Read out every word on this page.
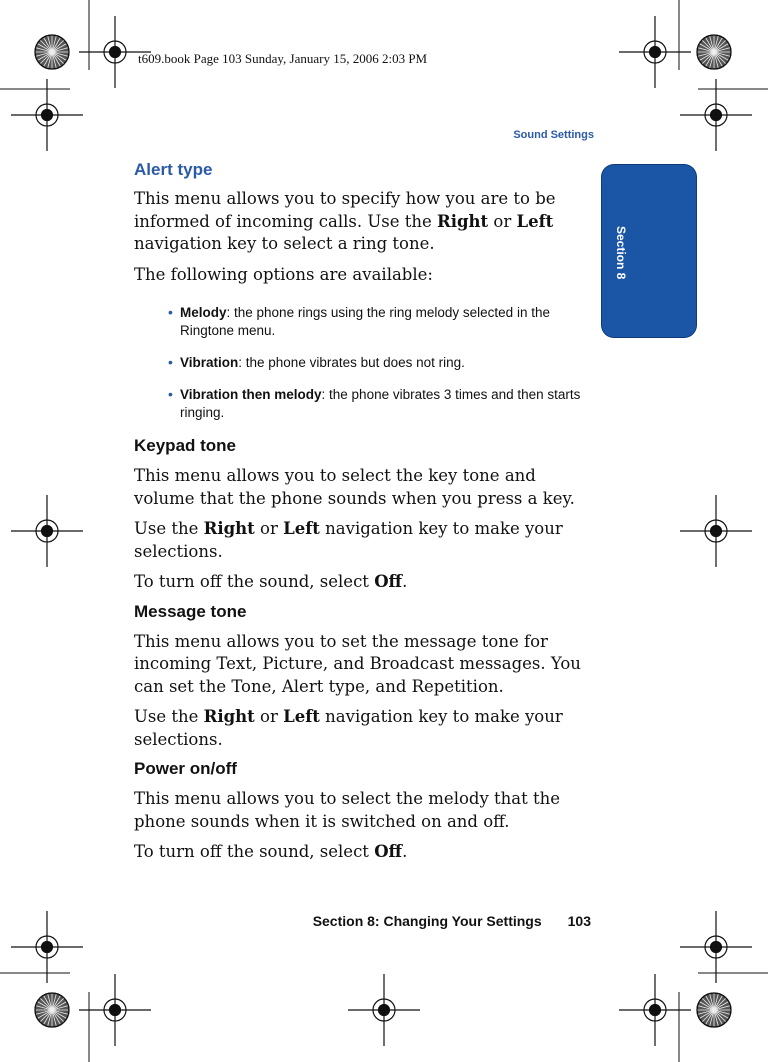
t609.book Page 103 Sunday, January 15, 2006 2:03 PM
Sound Settings
Section 8
Alert type

This menu allows you to specify how you are to be informed of incoming calls. Use the Right or Left navigation key to select a ring tone.

The following options are available:

• Melody: the phone rings using the ring melody selected in the Ringtone menu.
• Vibration: the phone vibrates but does not ring.
• Vibration then melody: the phone vibrates 3 times and then starts ringing.
Keypad tone

This menu allows you to select the key tone and volume that the phone sounds when you press a key.

Use the Right or Left navigation key to make your selections.

To turn off the sound, select Off.

Message tone

This menu allows you to set the message tone for incoming Text, Picture, and Broadcast messages. You can set the Tone, Alert type, and Repetition.

Use the Right or Left navigation key to make your selections.

Power on/off

This menu allows you to select the melody that the phone sounds when it is switched on and off.

To turn off the sound, select Off.

Section 8: Changing Your Settings 103
